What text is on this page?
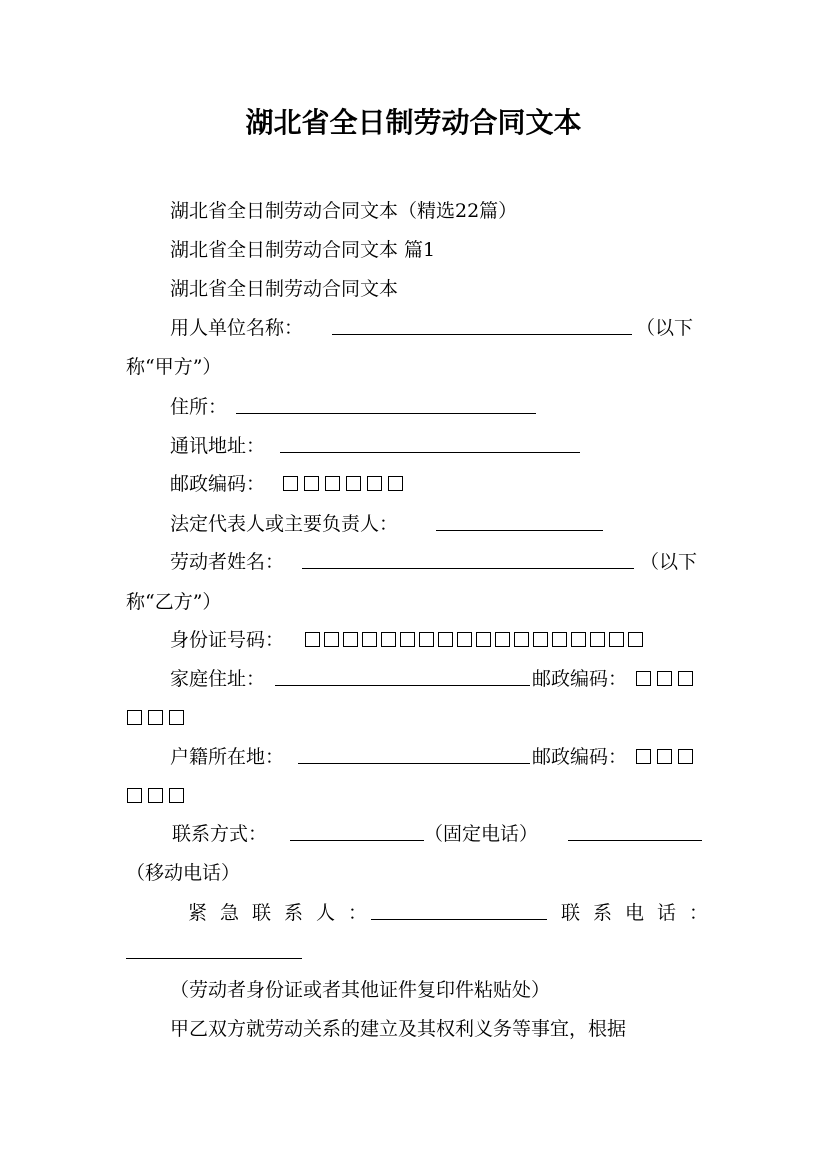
湖北省全日制劳动合同文本
湖北省全日制劳动合同文本（精选22篇）
湖北省全日制劳动合同文本 篇1
湖北省全日制劳动合同文本
用人单位名称：	（以下
称“甲方”）
住所：
通讯地址：
邮政编码：
法定代表人或主要负责人：
劳动者姓名：	（以下
称“乙方”）
身份证号码：
家庭住址：	邮政编码：
户籍所在地：	邮政编码：
联系方式：	（固定电话）
（移动电话）
紧急联系人：	联系电话：
（劳动者身份证或者其他证件复印件粘贴处）
甲乙双方就劳动关系的建立及其权利义务等事宜，根据
